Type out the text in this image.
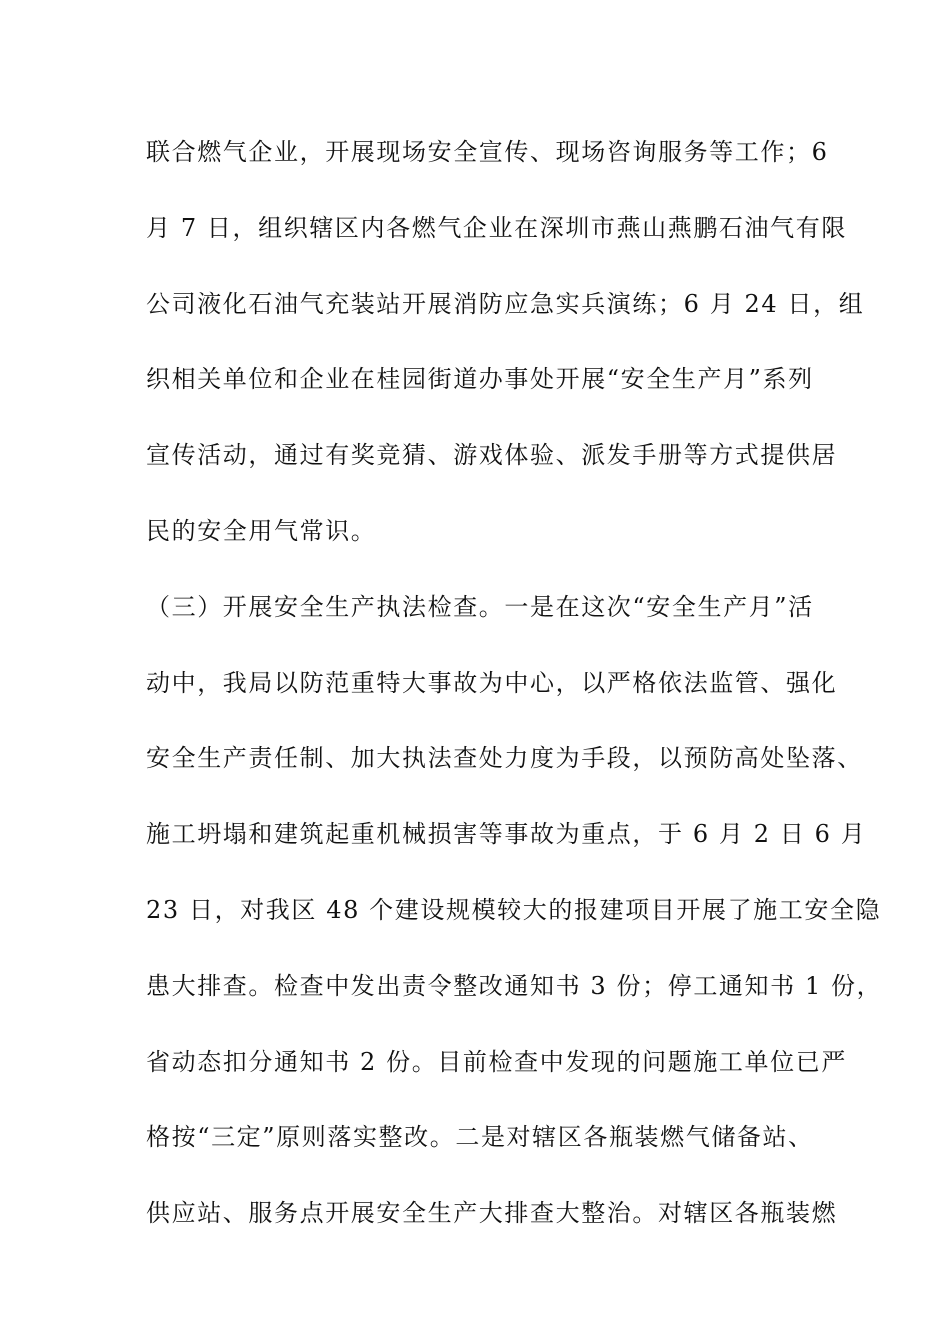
联合燃气企业，开展现场安全宣传、现场咨询服务等工作；6
月 7 日，组织辖区内各燃气企业在深圳市燕山燕鹏石油气有限
公司液化石油气充装站开展消防应急实兵演练；6 月 24 日，组
织相关单位和企业在桂园街道办事处开展“安全生产月”系列
宣传活动，通过有奖竞猜、游戏体验、派发手册等方式提供居
民的安全用气常识。
（三）开展安全生产执法检查。一是在这次“安全生产月”活
动中，我局以防范重特大事故为中心，以严格依法监管、强化
安全生产责任制、加大执法查处力度为手段，以预防高处坠落、
施工坍塌和建筑起重机械损害等事故为重点，于 6 月 2 日 6 月
23 日，对我区 48 个建设规模较大的报建项目开展了施工安全隐
患大排查。检查中发出责令整改通知书 3 份；停工通知书 1 份，
省动态扣分通知书 2 份。目前检查中发现的问题施工单位已严
格按“三定”原则落实整改。二是对辖区各瓶装燃气储备站、
供应站、服务点开展安全生产大排查大整治。对辖区各瓶装燃
